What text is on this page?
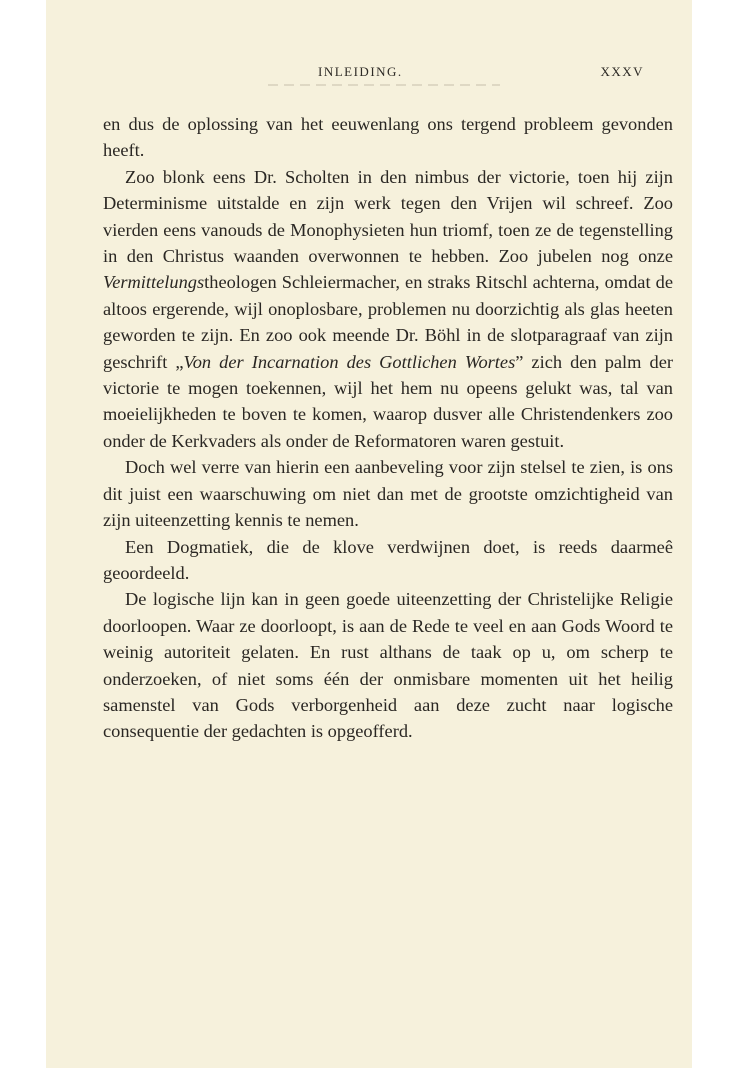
INLEIDING.	XXXV

en dus de oplossing van het eeuwenlang ons tergend probleem gevonden heeft.

Zoo blonk eens Dr. Scholten in den nimbus der victorie, toen hij zijn Determinisme uitstalde en zijn werk tegen den Vrijen wil schreef. Zoo vierden eens vanouds de Monophysieten hun triomf, toen ze de tegenstelling in den Christus waanden overwonnen te hebben. Zoo jubelen nog onze Vermittelungstheologen Schleiermacher, en straks Ritschl achterna, omdat de altoos ergerende, wijl onoplosbare, problemen nu doorzichtig als glas heeten geworden te zijn. En zoo ook meende Dr. Böhl in de slotparagraaf van zijn geschrift „Von der Incarnation des Gottlichen Wortes” zich den palm der victorie te mogen toekennen, wijl het hem nu opeens gelukt was, tal van moeielijkheden te boven te komen, waarop dusver alle Christendenkers zoo onder de Kerkvaders als onder de Reformatoren waren gestuit.

Doch wel verre van hierin een aanbeveling voor zijn stelsel te zien, is ons dit juist een waarschuwing om niet dan met de grootste omzichtigheid van zijn uiteenzetting kennis te nemen.

Een Dogmatiek, die de klove verdwijnen doet, is reeds daarmeê geoordeeld.

De logische lijn kan in geen goede uiteenzetting der Christelijke Religie doorloopen. Waar ze doorloopt, is aan de Rede te veel en aan Gods Woord te weinig autoriteit gelaten. En rust althans de taak op u, om scherp te onderzoeken, of niet soms één der onmisbare momenten uit het heilig samenstel van Gods verborgenheid aan deze zucht naar logische consequentie der gedachten is opgeofferd.
